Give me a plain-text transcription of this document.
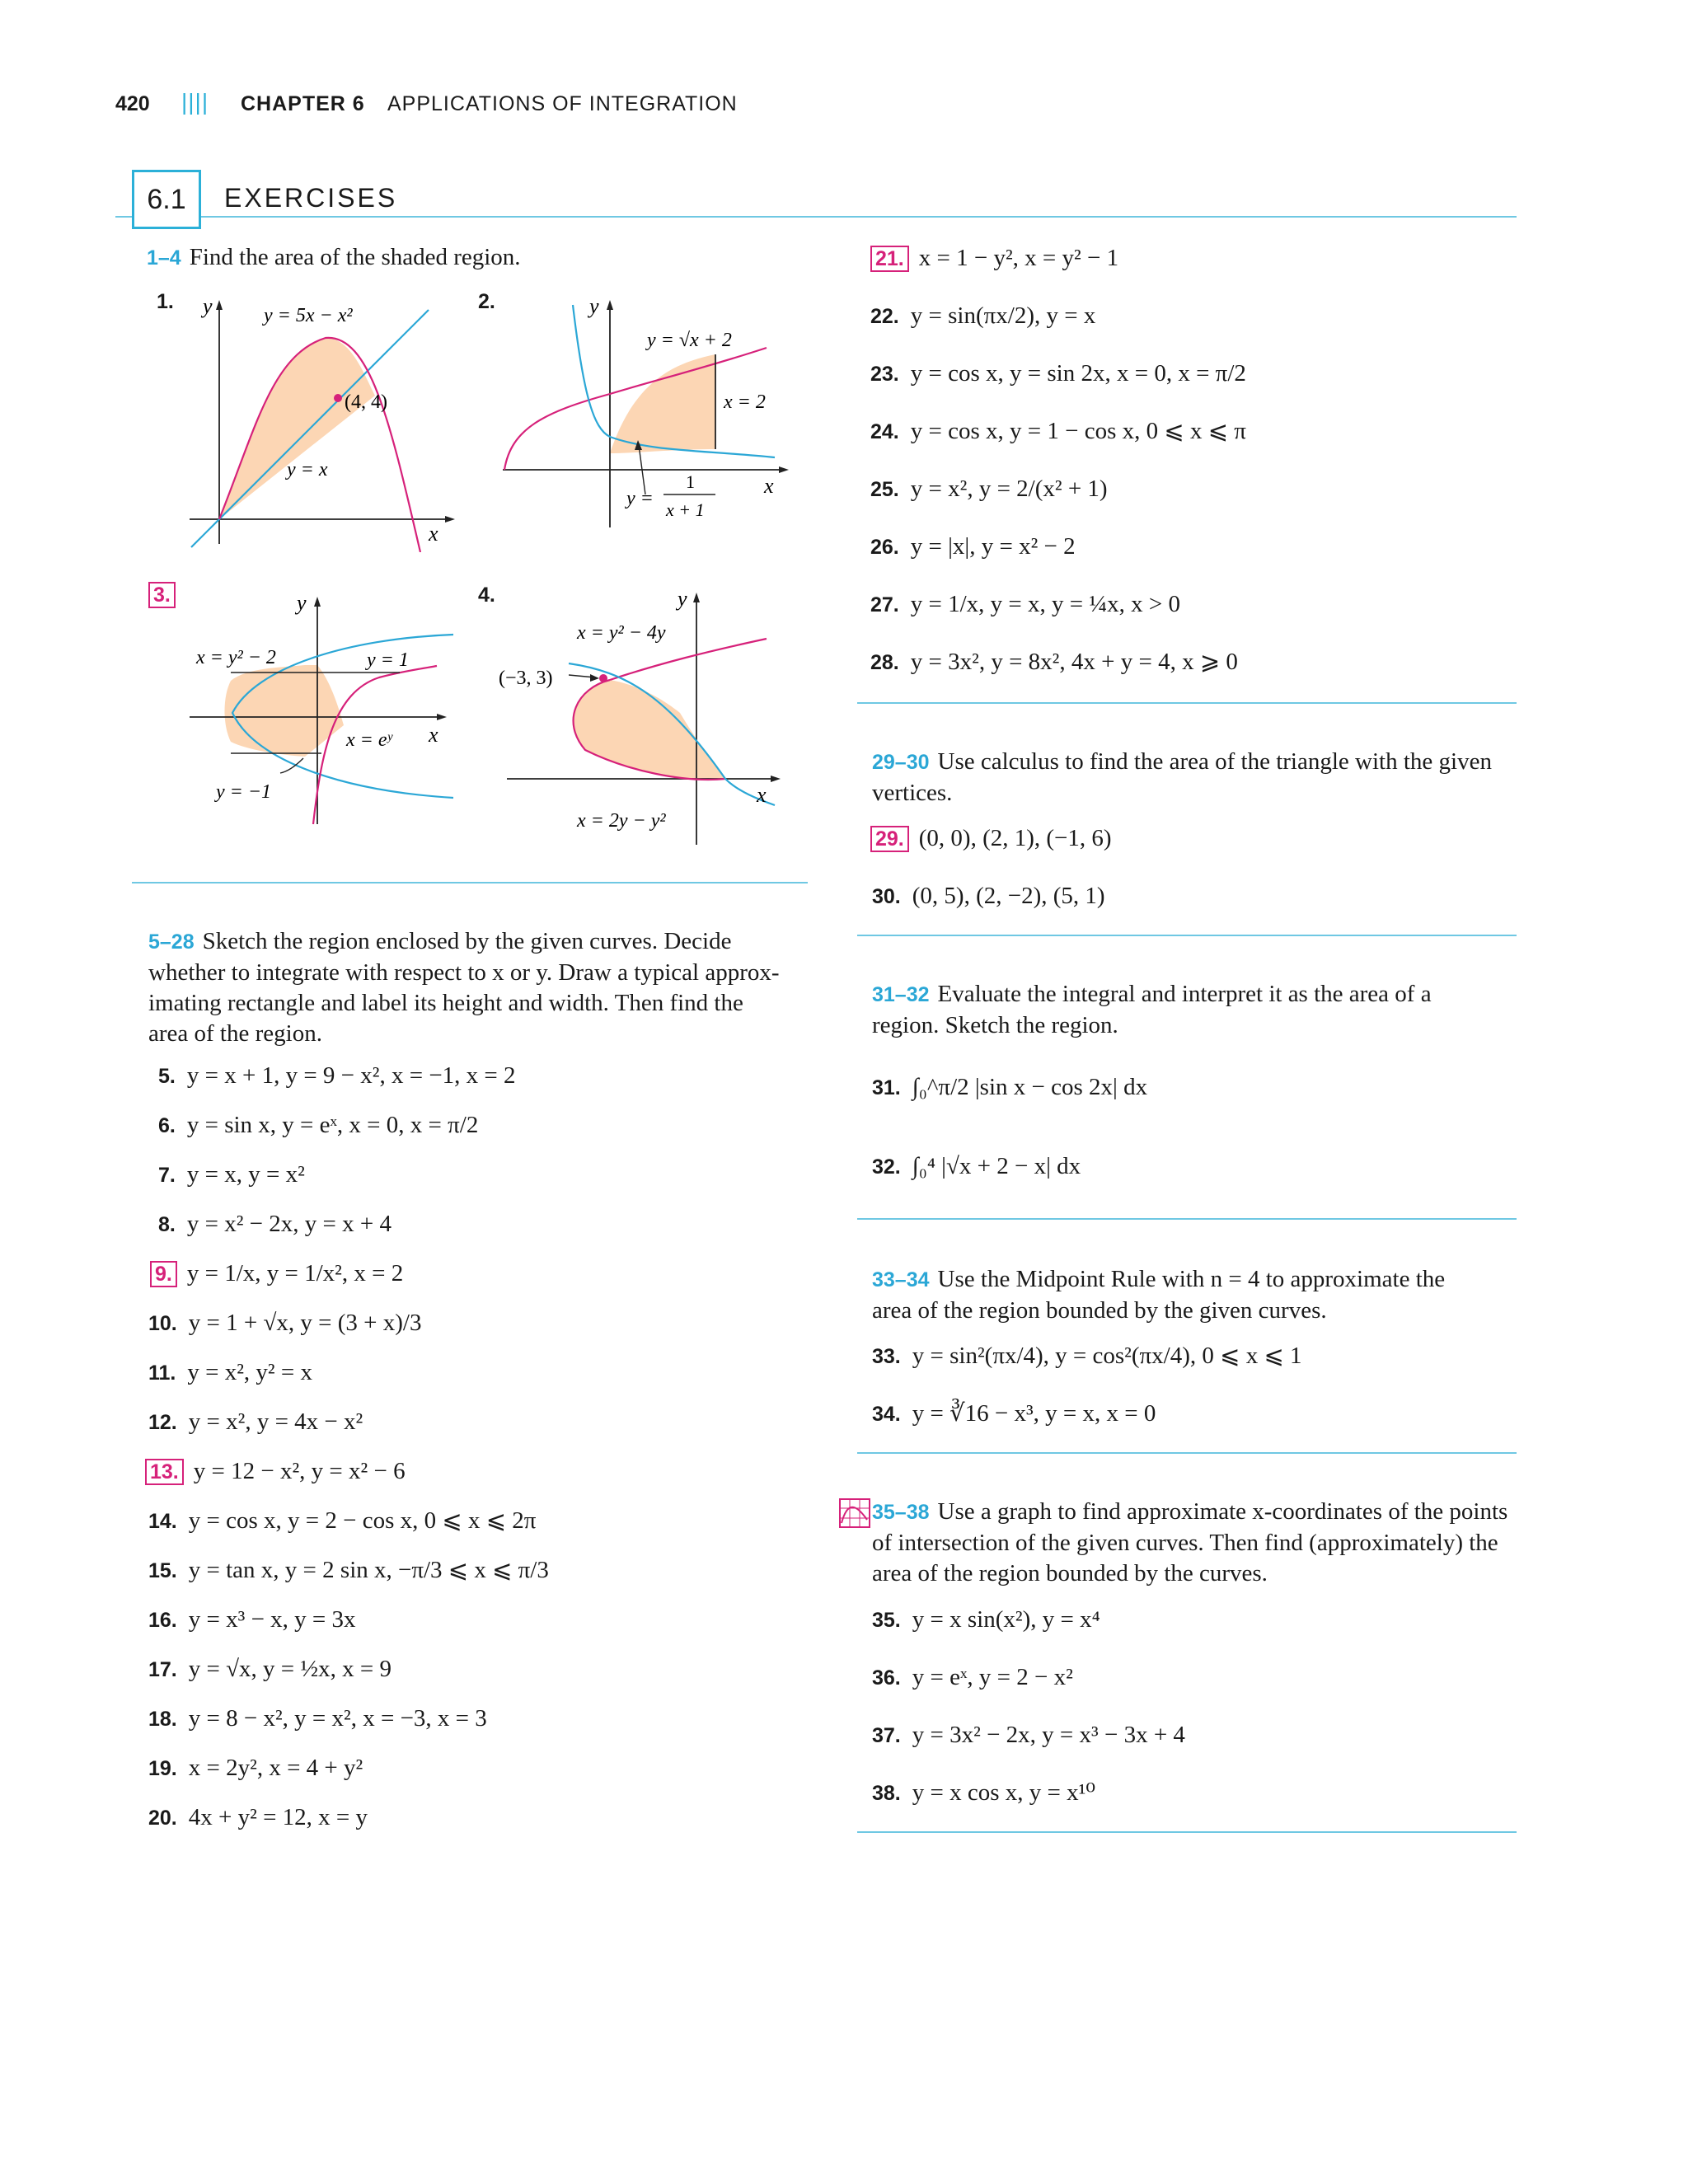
420 |||| CHAPTER 6 APPLICATIONS OF INTEGRATION
6.1	EXERCISES
1–4 Find the area of the shaded region.
1. y
x
y = 5x − x²
(4, 4)
y = x
2.	y
x
y = √x + 2
x = 2
y =
1
x + 1
3.	y
x
x = y² − 2	y = 1
x = eʸ
y = −1
4.	y
x
x = y² − 4y
(−3, 3)
x = 2y − y²
5–28 Sketch the region enclosed by the given curves. Decide
whether to integrate with respect to x or y. Draw a typical approx-
imating rectangle and label its height and width. Then find the
area of the region.
5. y = x + 1, y = 9 − x², x = −1, x = 2
6. y = sin x, y = eˣ, x = 0, x = π/2
7. y = x, y = x²
8. y = x² − 2x, y = x + 4
9. y = 1/x, y = 1/x², x = 2
10. y = 1 + √x, y = (3 + x)/3
11. y = x², y² = x
12. y = x², y = 4x − x²
13. y = 12 − x², y = x² − 6
14. y = cos x, y = 2 − cos x, 0 ⩽ x ⩽ 2π
15. y = tan x, y = 2 sin x, −π/3 ⩽ x ⩽ π/3
16. y = x³ − x, y = 3x
17. y = √x, y = ½x, x = 9
18. y = 8 − x², y = x², x = −3, x = 3
19. x = 2y², x = 4 + y²
20. 4x + y² = 12, x = y
21. x = 1 − y², x = y² − 1
22. y = sin(πx/2), y = x
23. y = cos x, y = sin 2x, x = 0, x = π/2
24. y = cos x, y = 1 − cos x, 0 ⩽ x ⩽ π
25. y = x², y = 2/(x² + 1)
26. y = |x|, y = x² − 2
27. y = 1/x, y = x, y = ¼x, x > 0
28. y = 3x², y = 8x², 4x + y = 4, x ⩾ 0
29–30 Use calculus to find the area of the triangle with the given
vertices.
29. (0, 0), (2, 1), (−1, 6)
30. (0, 5), (2, −2), (5, 1)
31–32 Evaluate the integral and interpret it as the area of a
region. Sketch the region.
31. ∫₀^π/2 |sin x − cos 2x| dx
32. ∫₀⁴ |√x + 2 − x| dx
33–34 Use the Midpoint Rule with n = 4 to approximate the
area of the region bounded by the given curves.
33. y = sin²(πx/4), y = cos²(πx/4), 0 ⩽ x ⩽ 1
34. y = ∛16 − x³, y = x, x = 0
35–38 Use a graph to find approximate x-coordinates of the points
of intersection of the given curves. Then find (approximately) the
area of the region bounded by the curves.
35. y = x sin(x²), y = x⁴
36. y = eˣ, y = 2 − x²
37. y = 3x² − 2x, y = x³ − 3x + 4
38. y = x cos x, y = x¹⁰
